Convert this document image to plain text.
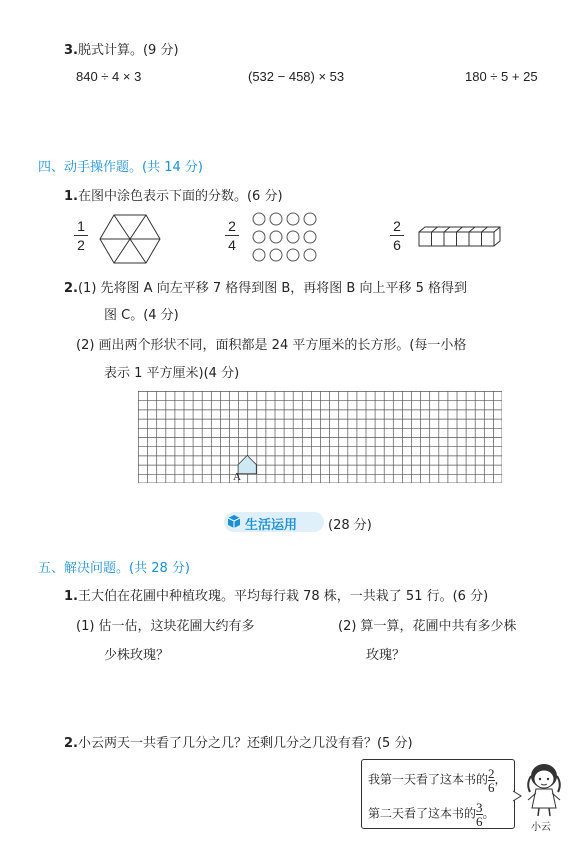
3.脱式计算。(9 分)
840 ÷ 4 × 3	(532 − 458) × 53	180 ÷ 5 + 25
四、动手操作题。(共 14 分)
1.在图中涂色表示下面的分数。(6 分)
1
2
2
4
2
6
2.(1) 先将图 A 向左平移 7 格得到图 B，再将图 B 向上平移 5 格得到
图 C。(4 分)
(2) 画出两个形状不同，面积都是 24 平方厘米的长方形。(每一小格
表示 1 平方厘米)(4 分)
A
生活运用 (28 分)
五、解决问题。(共 28 分)
1.王大伯在花圃中种植玫瑰。平均每行栽 78 株，一共栽了 51 行。(6 分)
(1) 估一估，这块花圃大约有多
少株玫瑰？
(2) 算一算，花圃中共有多少株
玫瑰？
2.小云两天一共看了几分之几？还剩几分之几没有看？(5 分)
我第一天看了这本书的 $\frac{2}{6}$ ，
第二天看了这本书的 $\frac{3}{6}$ 。
小云
